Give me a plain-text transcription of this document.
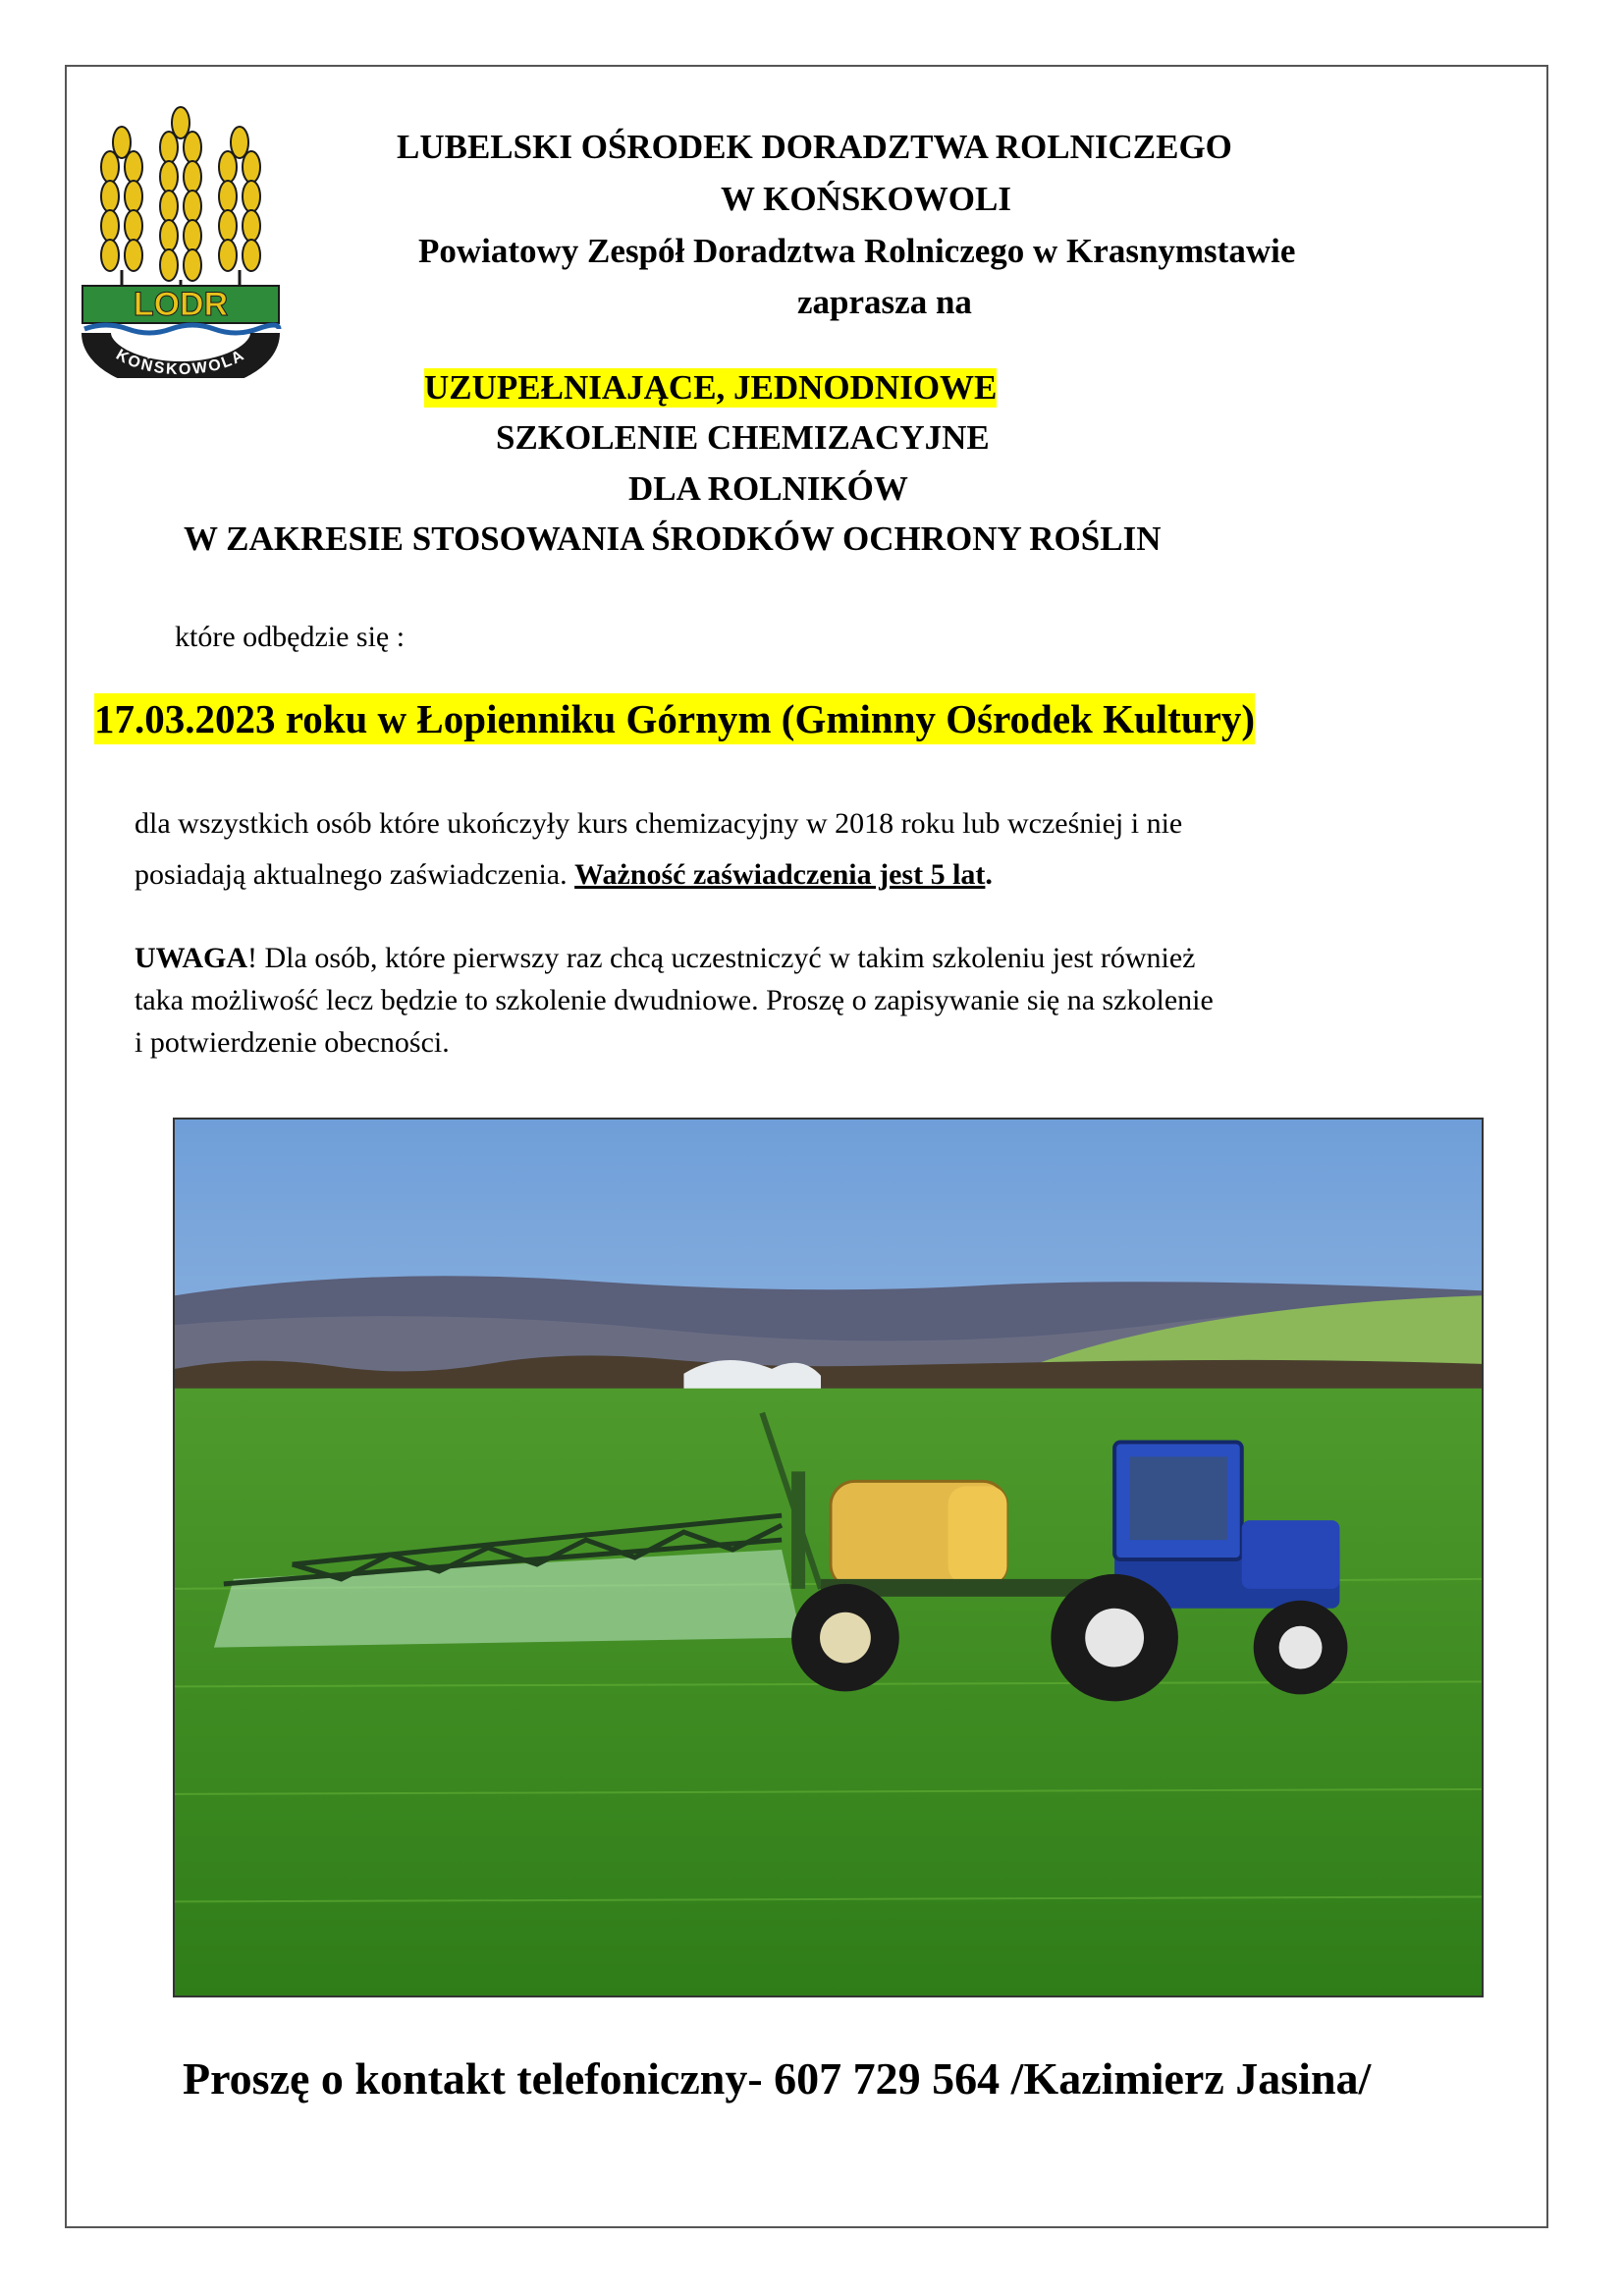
LODR
KOŃSKOWOLA
LUBELSKI OŚRODEK DORADZTWA ROLNICZEGO
W KOŃSKOWOLI
Powiatowy Zespół Doradztwa Rolniczego w Krasnymstawie
zaprasza na
UZUPEŁNIAJĄCE, JEDNODNIOWE
SZKOLENIE CHEMIZACYJNE
DLA ROLNIKÓW
W ZAKRESIE STOSOWANIA ŚRODKÓW OCHRONY ROŚLIN
które odbędzie się :
17.03.2023 roku w Łopienniku Górnym (Gminny Ośrodek Kultury)
dla wszystkich osób które ukończyły kurs chemizacyjny w 2018 roku lub wcześniej i nie
posiadają aktualnego zaświadczenia. Ważność zaświadczenia jest 5 lat.
UWAGA! Dla osób, które pierwszy raz chcą uczestniczyć w takim szkoleniu jest również
taka możliwość lecz będzie to szkolenie dwudniowe. Proszę o zapisywanie się na szkolenie
i potwierdzenie obecności.
Proszę o kontakt telefoniczny- 607 729 564 /Kazimierz Jasina/
